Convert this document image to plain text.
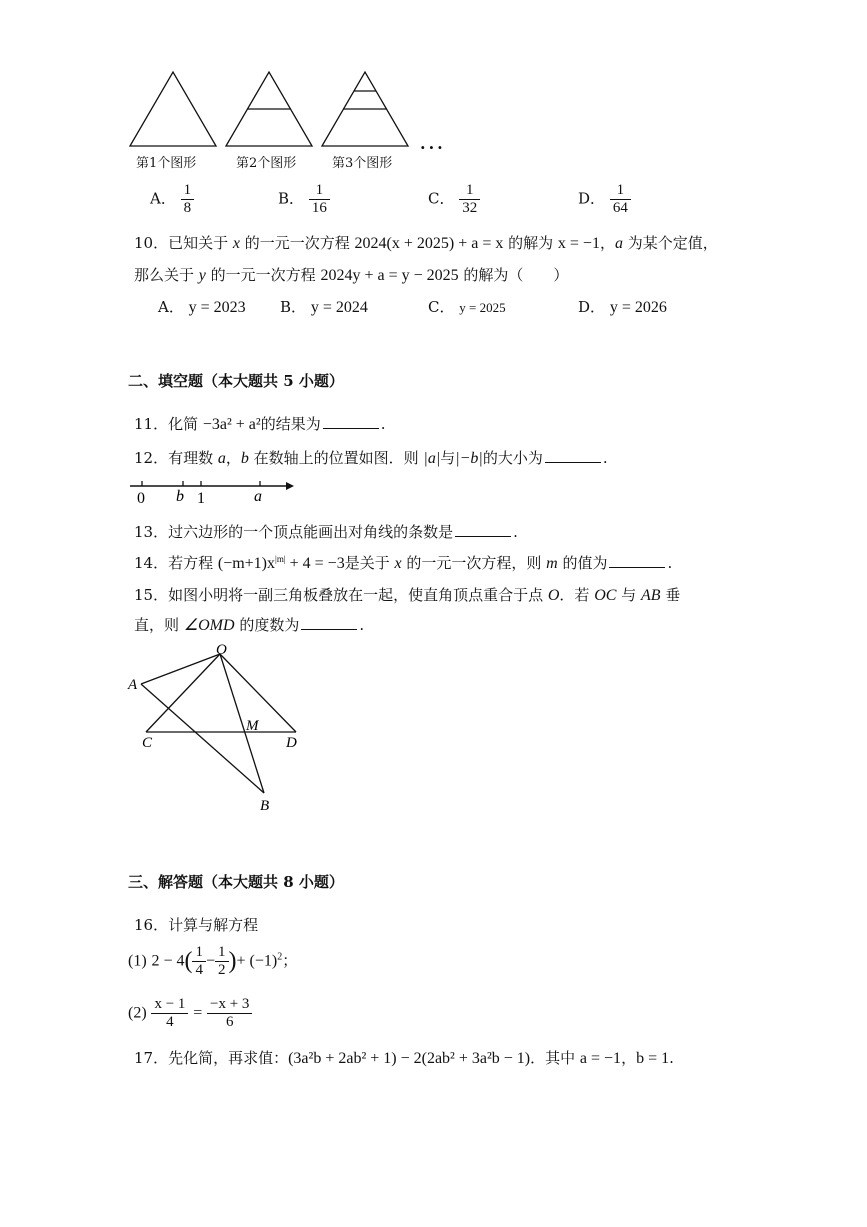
第1个图形	第2个图形	第3个图形
...
A． $\frac{1}{8}$	B． $\frac{1}{16}$	C． $\frac{1}{32}$	D． $\frac{1}{64}$
10．已知关于 x 的一元一次方程 2024(x + 2025) + a = x 的解为 x = −1，a 为某个定值，
那么关于 y 的一元一次方程 2024y + a = y − 2025 的解为（　　）
A． y = 2023 B． y = 2024	C． y = 2025	D． y = 2026
二、填空题（本大题共 5 小题）
11．化简 −3a² + a²的结果为	.
12．有理数 a，b 在数轴上的位置如图．则 |a|与|−b|的大小为	.
0 b 1	a
13．过六边形的一个顶点能画出对角线的条数是	.
14．若方程 $(-m+1)x^{|m|} + 4 = -3$是关于 x 的一元一次方程，则 m 的值为	.
15．如图小明将一副三角板叠放在一起，使直角顶点重合于点 O．若 OC 与 AB 垂
直，则 ∠OMD 的度数为	.
O
A
C
M
D
B
三、解答题（本大题共 8 小题）
16．计算与解方程
(1) $2 - 4( \frac{1}{4} - \frac{1}{2}$ )+ $(-1)^2$；
$(2) \frac{x - 1}{4} = \frac{-x + 3}{6}$
17．先化简，再求值：(3a²b + 2ab² + 1) − 2(2ab² + 3a²b − 1)．其中 a = −1，b = 1.
